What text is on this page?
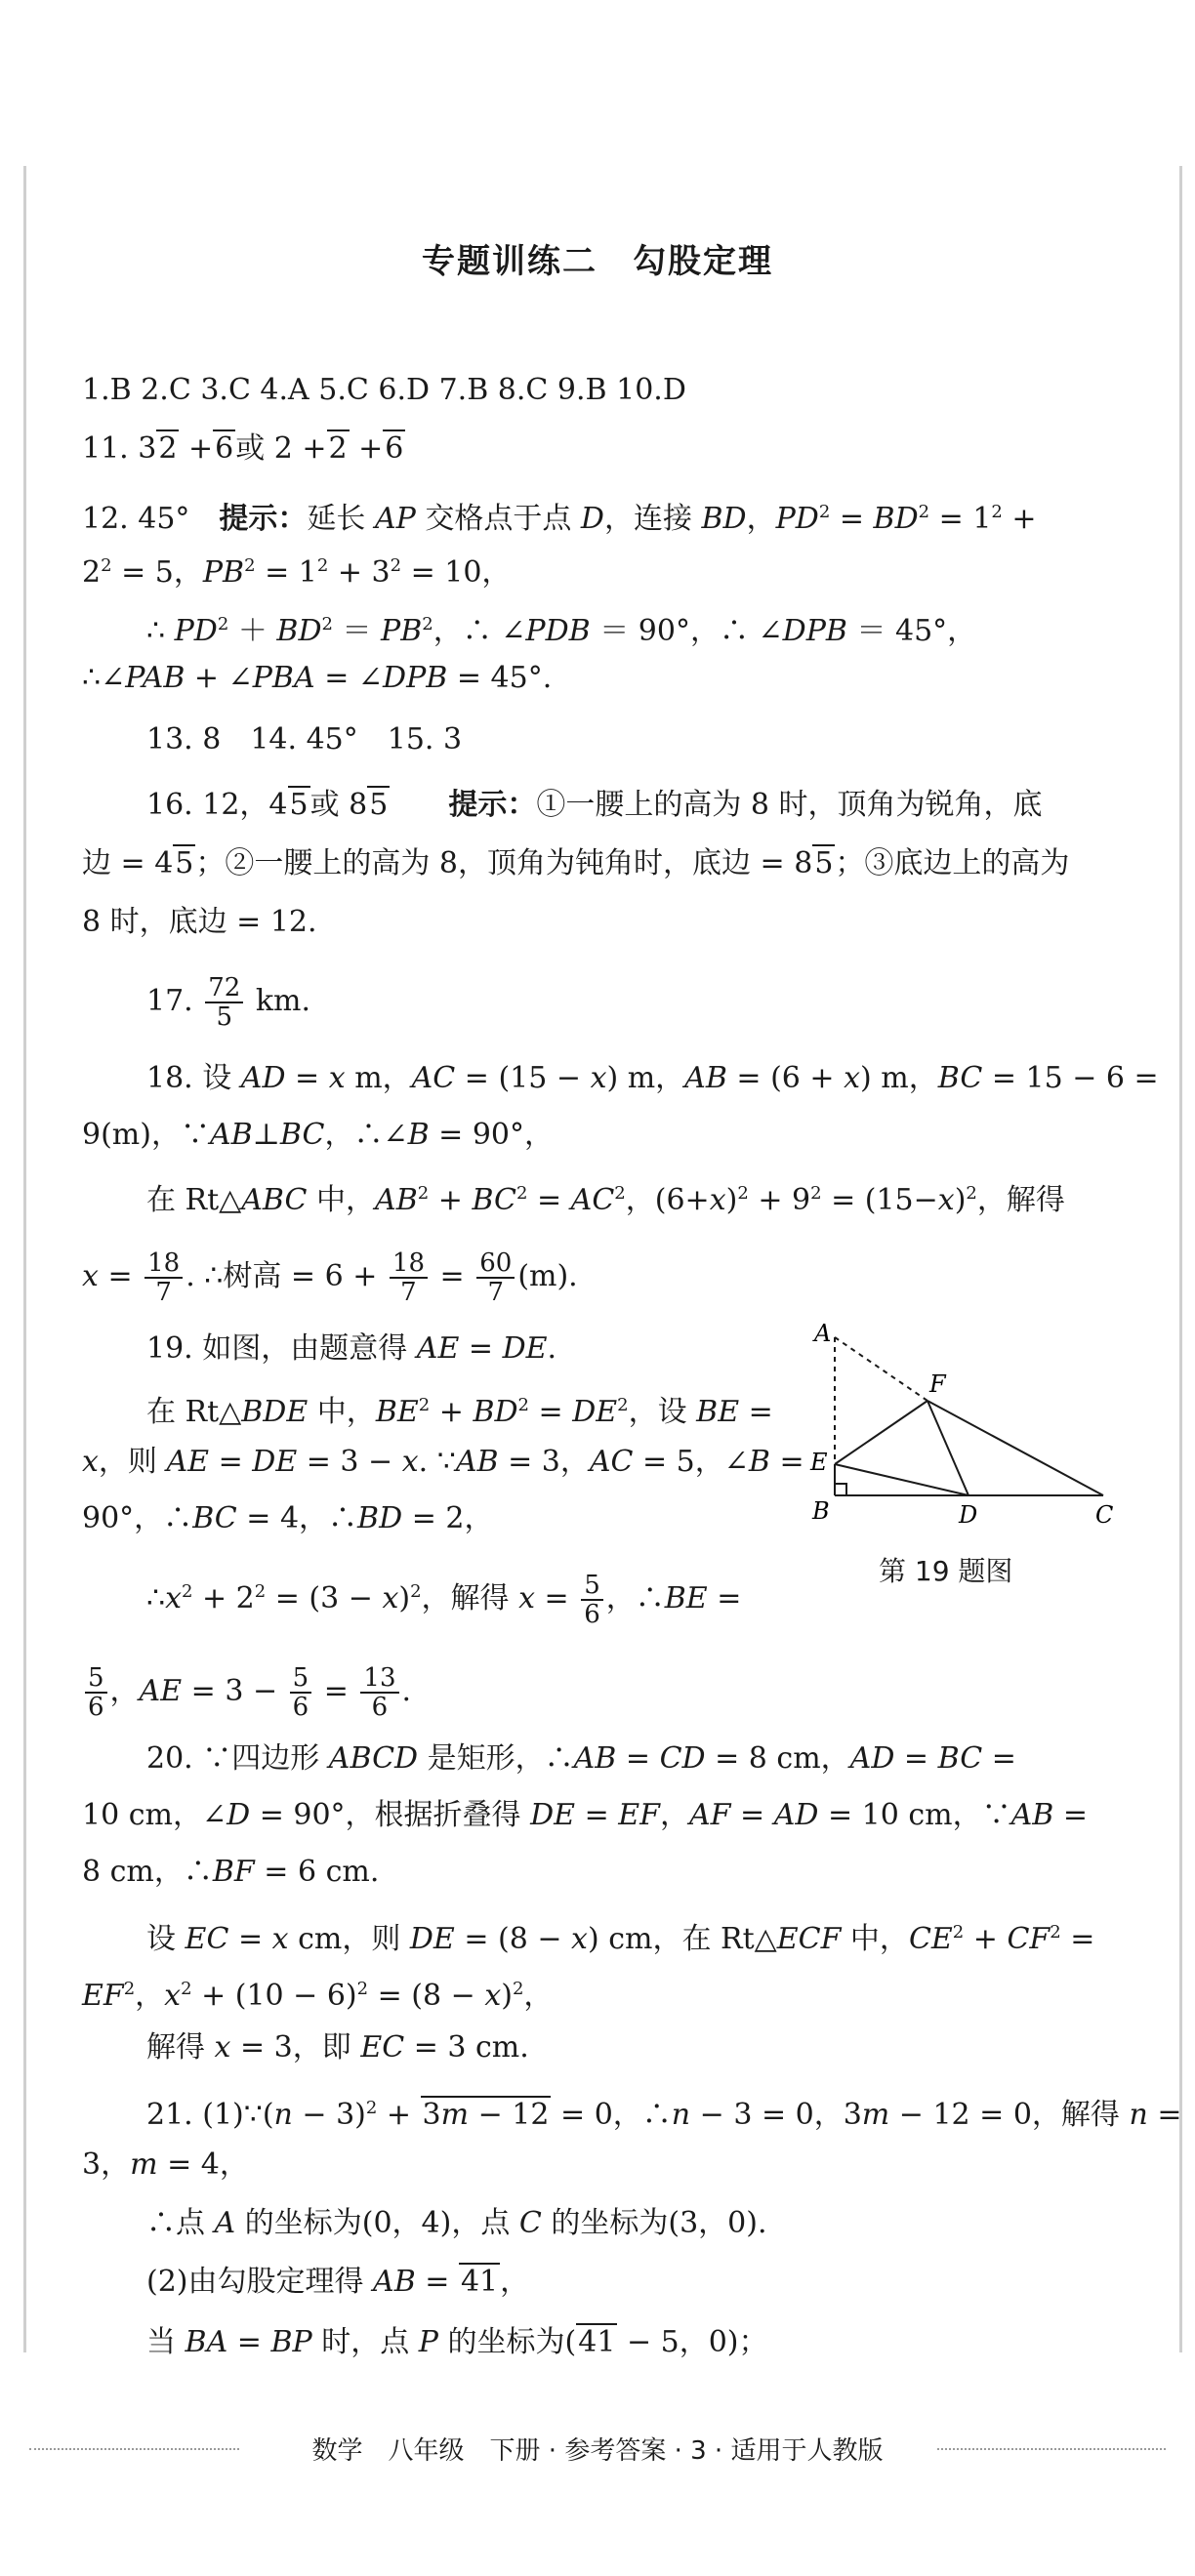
专题训练二　勾股定理
1.B 2.C 3.C 4.A 5.C 6.D 7.B 8.C 9.B 10.D
11. 32 +6或 2 +2 +6
12. 45°　提示：延长 AP 交格点于点 D，连接 BD，$PD^2 = BD^2 = 1^2$ +
$2^2 = 5$，$PB^2 = 1^2 + 3^2 = 10$，
∴ $PD^2 + BD^2 = PB^2$，∴ ∠PDB ＝ 90°，∴ ∠DPB ＝ 45°，
∴∠PAB + ∠PBA = ∠DPB = 45°.
13. 8　14. 45°　15. 3
16. 12，45或 85　　 提示：①一腰上的高为 8 时，顶角为锐角，底
边 = 45；②一腰上的高为 8，顶角为钝角时，底边 = 85；③底边上的高为
8 时，底边 = 12.
17. $\frac{72}{5}$ km.
18. 设 AD = x m，AC = (15 − x) m，AB = (6 + x) m，BC = 15 − 6 =
9(m)，∵AB⊥BC，∴∠B = 90°，
在 Rt△ABC 中，$AB^2 + BC^2 = AC^2$，$(6+x)^2 + 9^2 = (15-x)^2$，解得
$x = \frac{18}{7}$ . ∴树高 = $6 + \frac{18}{7} = \frac{60}{7} (m)$.
19. 如图，由题意得 AE = DE.
在 Rt△BDE 中，$BE^2 + BD^2 = DE^2$，设 BE =
x，则 AE = DE = 3 − x. ∵AB = 3，AC = 5，∠B =
90°，∴BC = 4，∴BD = 2，
$\therefore x^2 + 2^2 = (3 - x)^2$，解得 $x = \frac{5}{6}$ ，∴BE =
$\frac{5}{6}$ ，AE = $3 - \frac{5}{6} = \frac{13}{6}$ .
A
F
E
B	D	C
第 19 题图
20. ∵四边形 ABCD 是矩形，∴AB = CD = 8 cm，AD = BC =
10 cm，∠D = 90°，根据折叠得 DE = EF，AF = AD = 10 cm，∵AB =
8 cm，∴BF = 6 cm.
设 EC = x cm，则 DE = (8 − x) cm，在 Rt△ECF 中，$CE^2 + CF^2$ =
$EF^2$，$x^2 + (10 - 6)^2 = (8 - x)^2$，
解得 x = 3，即 EC = 3 cm.
21. (1)∵(n − 3)$^2$ + 3m − 12 = 0，∴n − 3 = 0，3m − 12 = 0，解得 n =
3，m = 4，
∴点 A 的坐标为(0，4)，点 C 的坐标为(3，0).
(2)由勾股定理得 AB = 41，
当 BA = BP 时，点 P 的坐标为(41 − 5，0)；
数学　八年级　下册 · 参考答案 · 3 · 适用于人教版
